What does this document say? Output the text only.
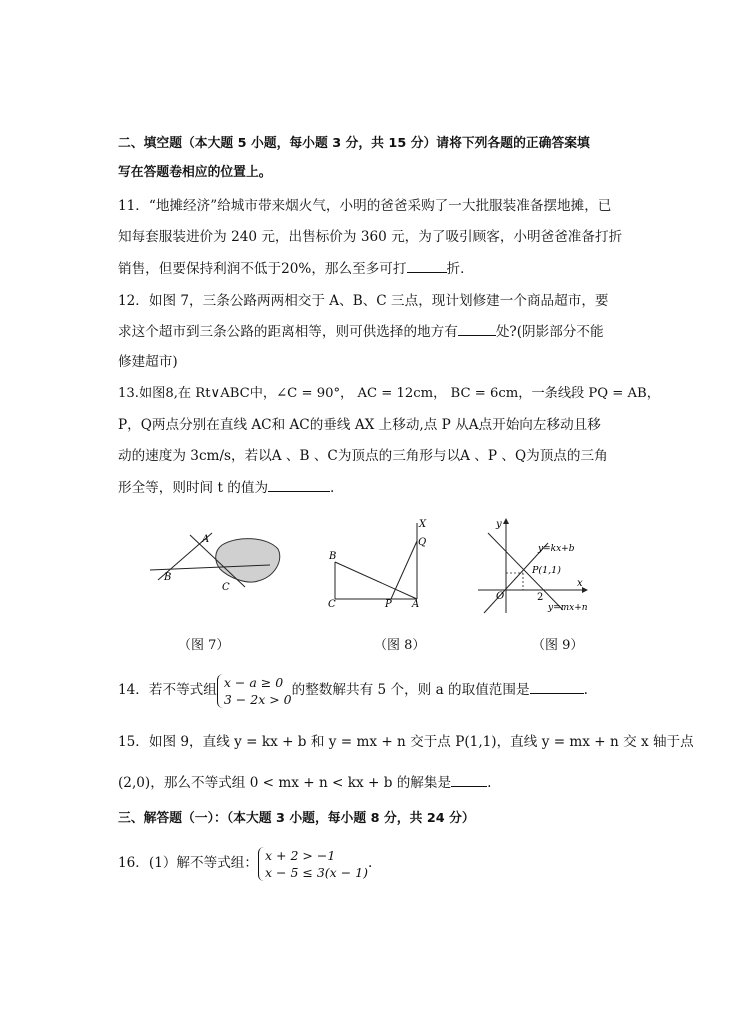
二、填空题（本大题 5 小题，每小题 3 分，共 15 分）请将下列各题的正确答案填
写在答题卷相应的位置上。
11．“地摊经济”给城市带来烟火气，小明的爸爸采购了一大批服装准备摆地摊，已
知每套服装进价为 240 元，出售标价为 360 元，为了吸引顾客，小明爸爸准备打折
销售，但要保持利润不低于20%，那么至多可打	折．
12．如图 7，三条公路两两相交于 A、B、C 三点，现计划修建一个商品超市，要
求这个超市到三条公路的距离相等，则可供选择的地方有	处?(阴影部分不能
修建超市)
13.如图8,在 Rt∨ABC中，∠C = 90°， AC = 12cm， BC = 6cm，一条线段 PQ = AB，
P，Q两点分别在直线 AC和 AC的垂线 AX 上移动,点 P 从A点开始向左移动且移
动的速度为 3cm/s，若以A 、B 、C为顶点的三角形与以A 、P 、Q为顶点的三角
形全等，则时间 t 的值为	.
A
B
C
（图 7）
X
Q
B
C	P A
（图 8）
y
y=kx+b
P(1,1)
O	2
x
y=mx+n
（图 9）
14．若不等式组 x − a ≥ 0
3 − 2x > 0的整数解共有 5 个，则 a 的取值范围是	.
15．如图 9，直线 y = kx + b 和 y = mx + n 交于点 P(1,1)，直线 y = mx + n 交 x 轴于点
(2,0)，那么不等式组 0 < mx + n < kx + b 的解集是	.
三、解答题（一）：（本大题 3 小题，每小题 8 分，共 24 分）
16．(1）解不等式组： x + 2 > −1
x − 5 ≤ 3(x − 1).
